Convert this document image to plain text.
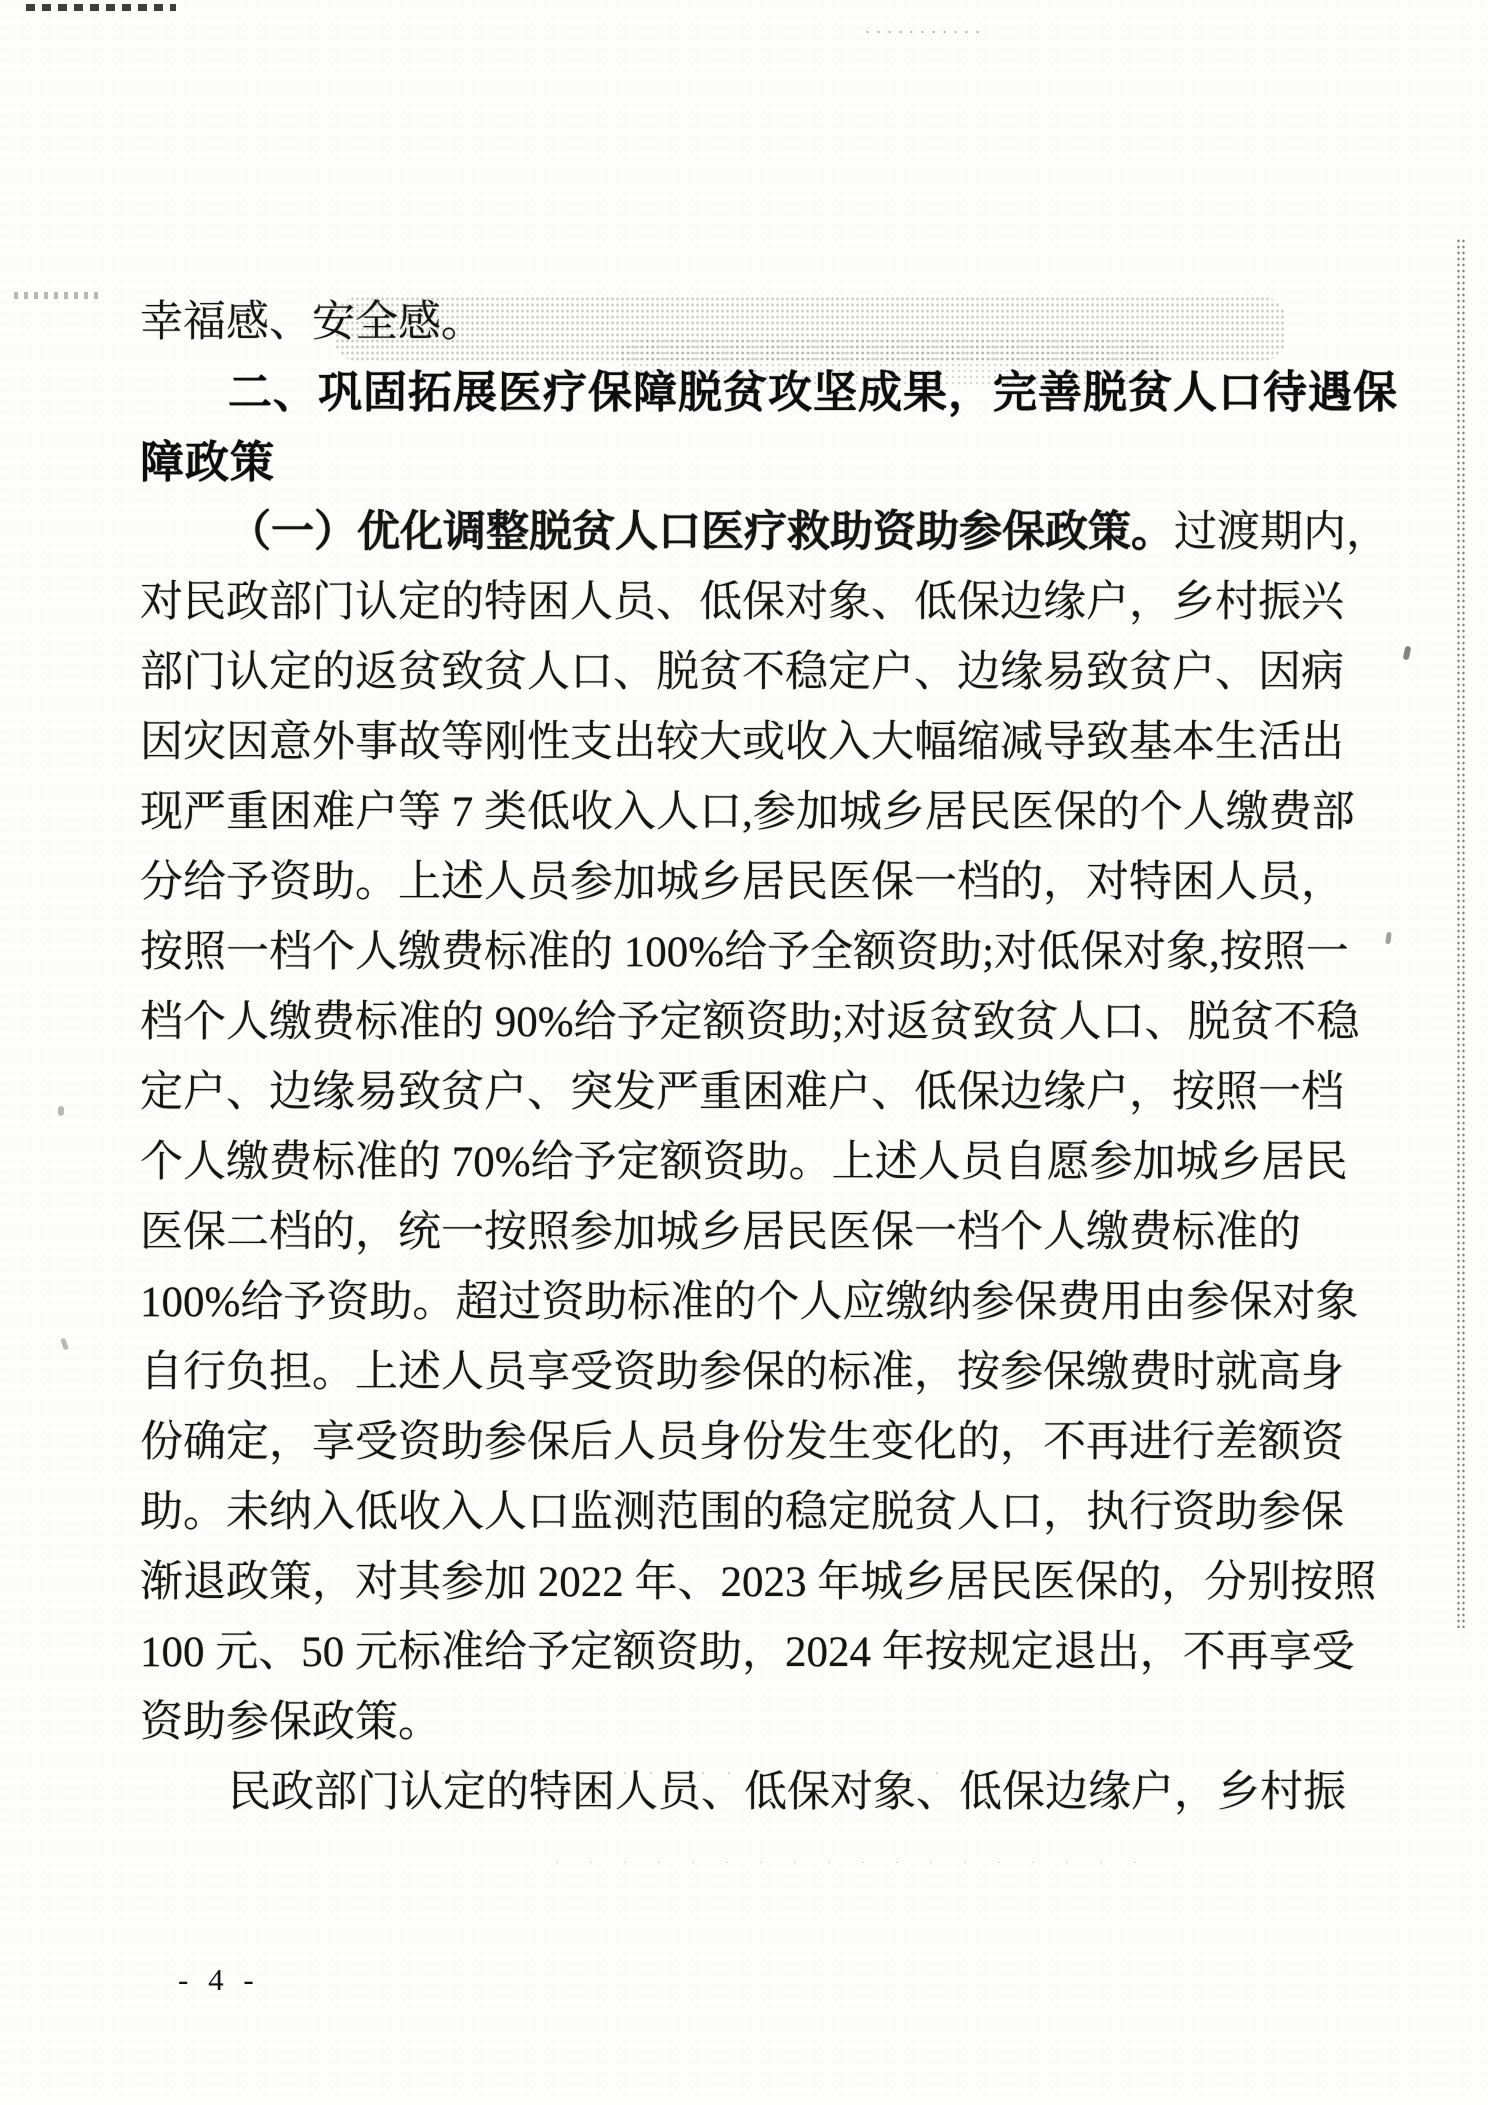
幸福感、安全感。
二、巩固拓展医疗保障脱贫攻坚成果，完善脱贫人口待遇保
障政策
（一）优化调整脱贫人口医疗救助资助参保政策。过渡期内，
对民政部门认定的特困人员、低保对象、低保边缘户，乡村振兴
部门认定的返贫致贫人口、脱贫不稳定户、边缘易致贫户、因病
因灾因意外事故等刚性支出较大或收入大幅缩减导致基本生活出
现严重困难户等 7 类低收入人口,参加城乡居民医保的个人缴费部
分给予资助。上述人员参加城乡居民医保一档的，对特困人员，
按照一档个人缴费标准的 100%给予全额资助;对低保对象,按照一
档个人缴费标准的 90%给予定额资助;对返贫致贫人口、脱贫不稳
定户、边缘易致贫户、突发严重困难户、低保边缘户，按照一档
个人缴费标准的 70%给予定额资助。上述人员自愿参加城乡居民
医保二档的，统一按照参加城乡居民医保一档个人缴费标准的
100%给予资助。超过资助标准的个人应缴纳参保费用由参保对象
自行负担。上述人员享受资助参保的标准，按参保缴费时就高身
份确定，享受资助参保后人员身份发生变化的，不再进行差额资
助。未纳入低收入人口监测范围的稳定脱贫人口，执行资助参保
渐退政策，对其参加 2022 年、2023 年城乡居民医保的，分别按照
100 元、50 元标准给予定额资助，2024 年按规定退出，不再享受
资助参保政策。
民政部门认定的特困人员、低保对象、低保边缘户，乡村振
- 4 -
